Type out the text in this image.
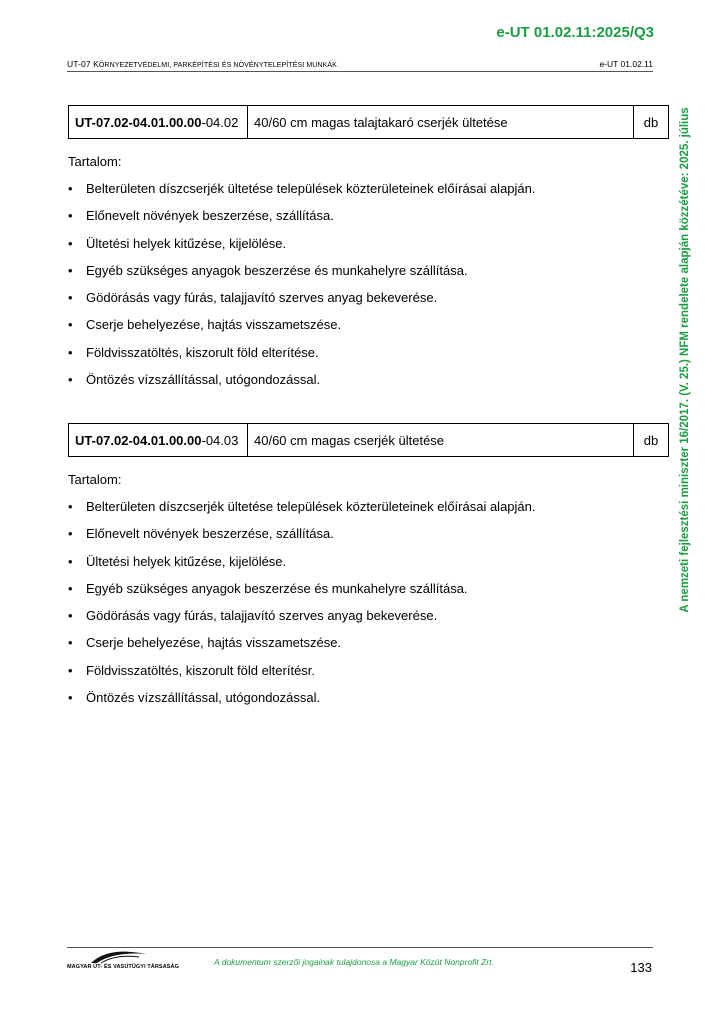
e-UT 01.02.11:2025/Q3
UT-07 KÖRNYEZETVÉDELMI, PARKÉPÍTÉSI ÉS NÖVÉNYTELEPÍTÉSI MUNKÁK	e-UT 01.02.11
A nemzeti fejlesztési miniszter 16/2017. (V. 25.) NFM rendelete alapján közzétéve: 2025. július
UT-07.02-04.01.00.00-04.02	40/60 cm magas talajtakaró cserjék ültetése	db

Tartalom:

•	Belterületen díszcserjék ültetése települések közterületeinek előírásai alapján.
•	Előnevelt növények beszerzése, szállítása.
•	Ültetési helyek kitűzése, kijelölése.
•	Egyéb szükséges anyagok beszerzése és munkahelyre szállítása.
•	Gödörásás vagy fúrás, talajjavító szerves anyag bekeverése.
•	Cserje behelyezése, hajtás visszametszése.
•	Földvisszatöltés, kiszorult föld elterítése.
•	Öntözés vízszállítással, utógondozással.
UT-07.02-04.01.00.00-04.03	40/60 cm magas cserjék ültetése	db

Tartalom:

•	Belterületen díszcserjék ültetése települések közterületeinek előírásai alapján.
•	Előnevelt növények beszerzése, szállítása.
•	Ültetési helyek kitűzése, kijelölése.
•	Egyéb szükséges anyagok beszerzése és munkahelyre szállítása.
•	Gödörásás vagy fúrás, talajjavító szerves anyag bekeverése.
•	Cserje behelyezése, hajtás visszametszése.
•	Földvisszatöltés, kiszorult föld elterítésr.
•	Öntözés vízszállítással, utógondozással.
MAGYAR ÚT- ÉS VASÚTÜGYI TÁRSASÁG	A dokumentum szerzői jogainak tulajdonosa a Magyar Közút Nonprofit Zrt.	133
